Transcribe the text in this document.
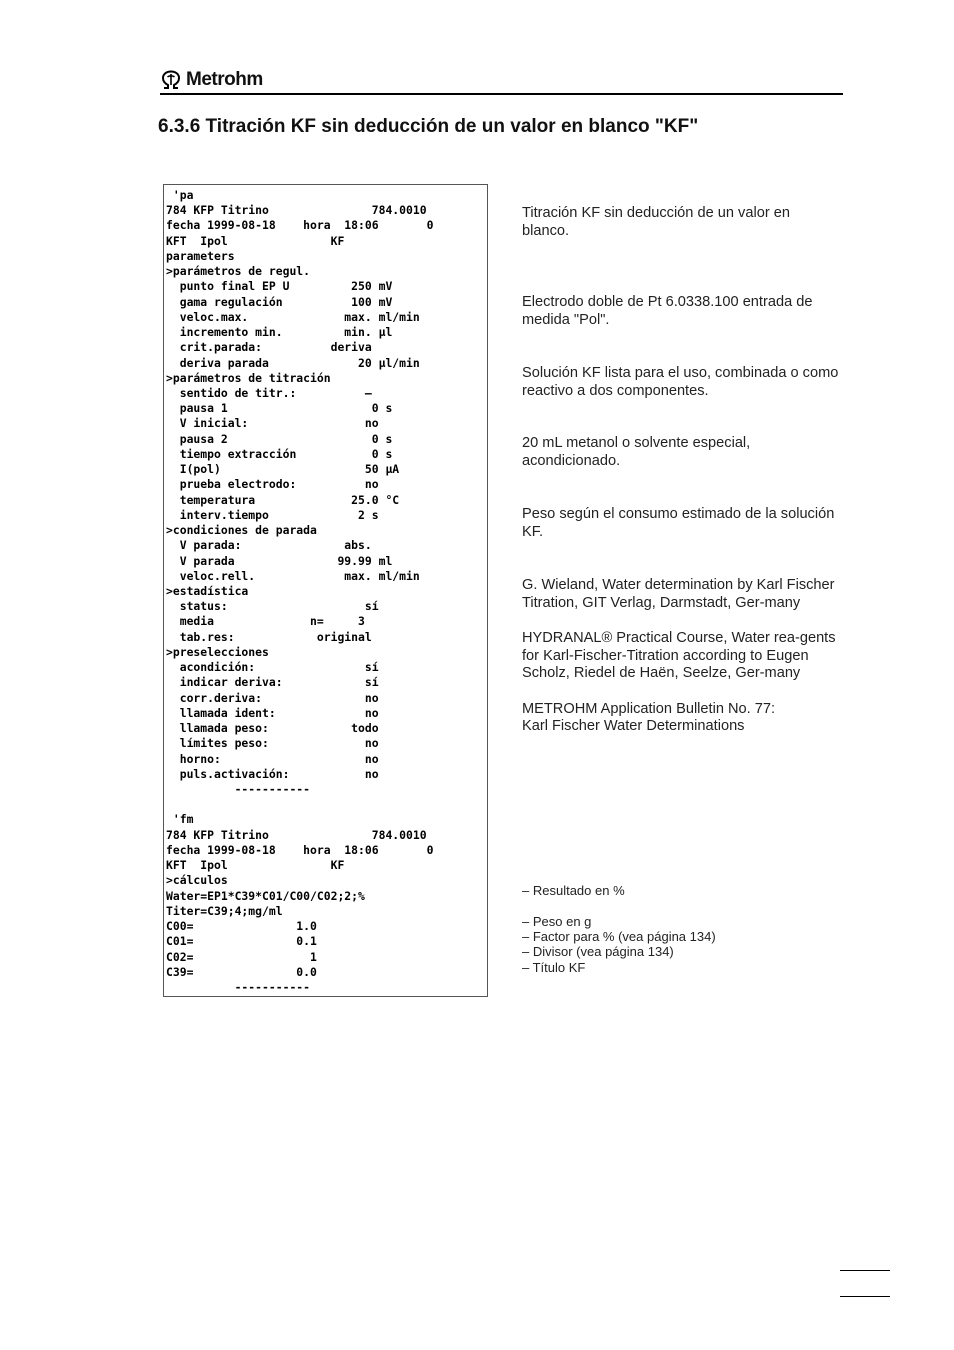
Metrohm
6.3.6 Titración KF sin deducción de un valor en blanco "KF"
'pa
784 KFP Titrino               784.0010
fecha 1999-08-18    hora  18:06       0
KFT  Ipol               KF
parameters
>parámetros de regul.
punto final EP U         250 mV
gama regulación          100 mV
veloc.max.              max. ml/min
incremento min.         min. µl
crit.parada:          deriva
deriva parada             20 µl/min
>parámetros de titración
sentido de titr.:          —
pausa 1                     0 s
V inicial:                 no
pausa 2                     0 s
tiempo extracción           0 s
I(pol)                     50 µA
prueba electrodo:          no
temperatura              25.0 °C
interv.tiempo             2 s
>condiciones de parada
V parada:               abs.
V parada               99.99 ml
veloc.rell.             max. ml/min
>estadística
status:                    sí
media              n=     3
tab.res:            original
>preselecciones
acondición:                sí
indicar deriva:            sí
corr.deriva:               no
llamada ident:             no
llamada peso:            todo
límites peso:              no
horno:                     no
puls.activación:           no
-----------
'fm
784 KFP Titrino               784.0010
fecha 1999-08-18    hora  18:06       0
KFT  Ipol               KF
>cálculos
Water=EP1*C39*C01/C00/C02;2;%
Titer=C39;4;mg/ml
C00=               1.0
C01=               0.1
C02=                 1
C39=               0.0
-----------
Titración KF sin deducción de un valor en blanco.
Electrodo doble de Pt 6.0338.100 entrada de medida "Pol".
Solución KF lista para el uso, combinada o como reactivo a dos componentes.
20 mL metanol o solvente especial, acondicionado.
Peso según el consumo estimado de la solución KF.
G. Wieland, Water determination by Karl Fischer Titration, GIT Verlag, Darmstadt, Ger-many
HYDRANAL® Practical Course, Water rea-gents for Karl-Fischer-Titration according to Eugen Scholz, Riedel de Haën, Seelze, Ger-many
METROHM Application Bulletin No. 77:
Karl Fischer Water Determinations
– Resultado en %
– Peso en g
– Factor para % (vea página 134)
– Divisor (vea página 134)
– Título KF
